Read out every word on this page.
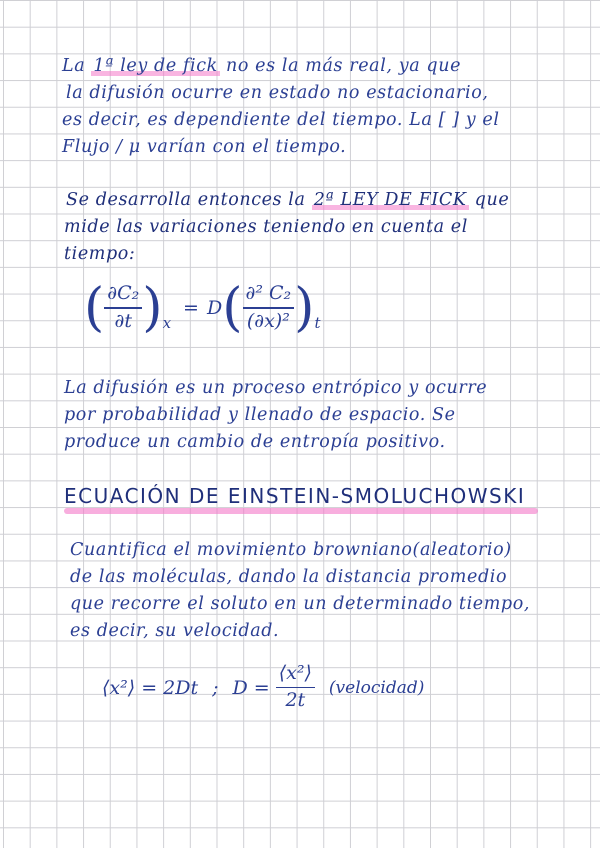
La 1ª ley de fick no es la más real, ya que
la difusión ocurre en estado no estacionario,
es decir, es dependiente del tiempo. La [ ] y el
Flujo / μ varían con el tiempo.
Se desarrolla entonces la 2ª LEY DE FICK que
mide las variaciones teniendo en cuenta el
tiempo:
( $\frac{\text{∂C₂}}{\partial t}$ ) x
= D ( $\frac{\text{∂² C₂}}{\text{(∂x)²}}$ ) t
La difusión es un proceso entrópico y ocurre
por probabilidad y llenado de espacio. Se
produce un cambio de entropía positivo.
ECUACIÓN DE EINSTEIN-SMOLUCHOWSKI
Cuantifica el movimiento browniano(aleatorio)
de las moléculas, dando la distancia promedio
que recorre el soluto en un determinado tiempo,
es decir, su velocidad.
⟨x²⟩ = 2Dt ; $D = \frac{\text{⟨x²⟩}}{2t}$ (velocidad)
